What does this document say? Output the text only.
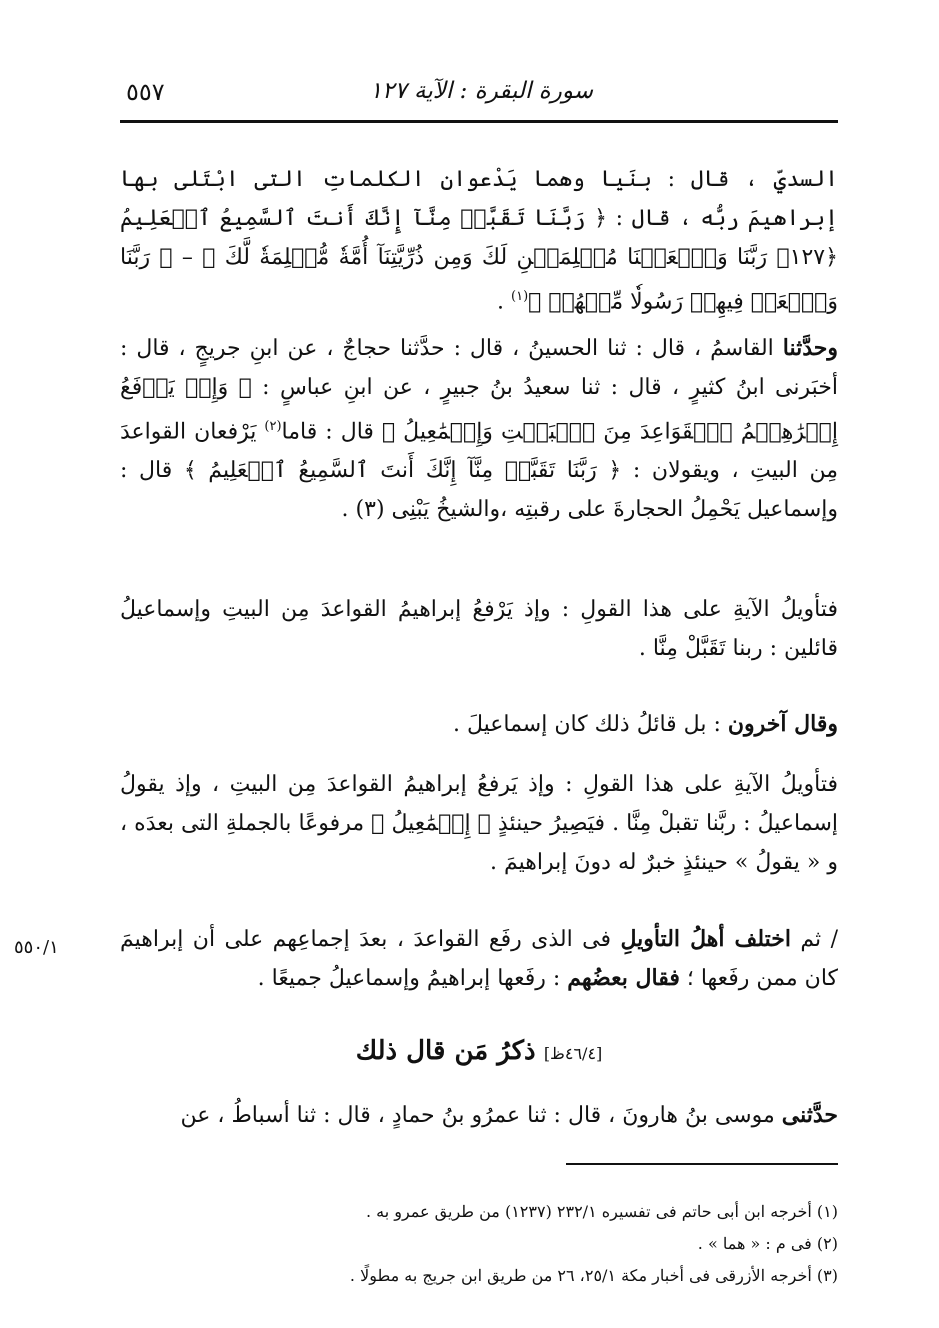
سورة البقرة : الآية ١٢٧
٥٥٧

السديِّ ، قال : بنَيا وهما يَدْعوان الكلماتِ التى ابْتَلى بها إبراهيمَ ربُّه ، قال : ﴿ رَبَّنَا تَقَبَّلۡ مِنَّآ إِنَّكَ أَنتَ ٱلسَّمِيعُ ٱلۡعَلِيمُ ﴿١٢٧﴾ رَبَّنَا وَٱجۡعَلۡنَا مُسۡلِمَيۡنِ لَكَ وَمِن ذُرِّيَّتِنَآ أُمَّةٗ مُّسۡلِمَةٗ لَّكَ ﴾ – ﴿ رَبَّنَا وَٱبۡعَثۡ فِيهِمۡ رَسُولٗا مِّنۡهُمۡ ﴾$^{(١)}$ .

وحدَّثنا القاسمُ ، قال : ثنا الحسينُ ، قال : حدَّثنا حجاجٌ ، عن ابنِ جريجٍ ، قال : أخبَرنى ابنُ كثيرٍ ، قال : ثنا سعيدُ بنُ جبيرٍ ، عن ابنِ عباسٍ : ﴿ وَإِذۡ يَرۡفَعُ إِبۡرَٰهِـۧمُ ٱلۡقَوَاعِدَ مِنَ ٱلۡبَيۡتِ وَإِسۡمَٰعِيلُ ﴾ قال : قاما$^{(٢)}$ يَرْفعان القواعدَ مِن البيتِ ، ويقولان : ﴿ رَبَّنَا تَقَبَّلۡ مِنَّآ إِنَّكَ أَنتَ ٱلسَّمِيعُ ٱلۡعَلِيمُ ﴾ قال : وإسماعيل يَحْمِلُ الحجارةَ على رقبتِه ،والشيخُ يَبْنِى (٣) .

فتأويلُ الآيةِ على هذا القولِ : وإذ يَرْفعُ إبراهيمُ القواعدَ مِن البيتِ وإسماعيلُ قائلين : ربنا تَقَبَّلْ مِنَّا .

وقال آخرون : بل قائلُ ذلك كان إسماعيلَ .

فتأويلُ الآيةِ على هذا القولِ : وإذ يَرفعُ إبراهيمُ القواعدَ مِن البيتِ ، وإذ يقولُ إسماعيلُ : ربَّنا تقبلْ مِنَّا . فيَصِيرُ حينئذٍ ﴿ إِسۡمَٰعِيلُ ﴾ مرفوعًا بالجملةِ التى بعدَه ، و « يقولُ » حينئذٍ خبرٌ له دونَ إبراهيمَ .

/ ثم اختلف أهلُ التأويلِ فى الذى رفَع القواعدَ ، بعدَ إجماعِهم على أن إبراهيمَ كان ممن رفَعها ؛ فقال بعضُهم : رفَعها إبراهيمُ وإسماعيلُ جميعًا .

٥٥٠/١
[٤٦/٤ظ] ذكرُ مَن قال ذلك

حدَّثنى موسى بنُ هارونَ ، قال : ثنا عمرُو بنُ حمادٍ ، قال : ثنا أسباطُ ، عن

(١) أخرجه ابن أبى حاتم فى تفسيره ٢٣٢/١ (١٢٣٧) من طريق عمرو به .

(٢) فى م : « هما » .

(٣) أخرجه الأزرقى فى أخبار مكة ٢٥/١، ٢٦ من طريق ابن جريج به مطولًا .
